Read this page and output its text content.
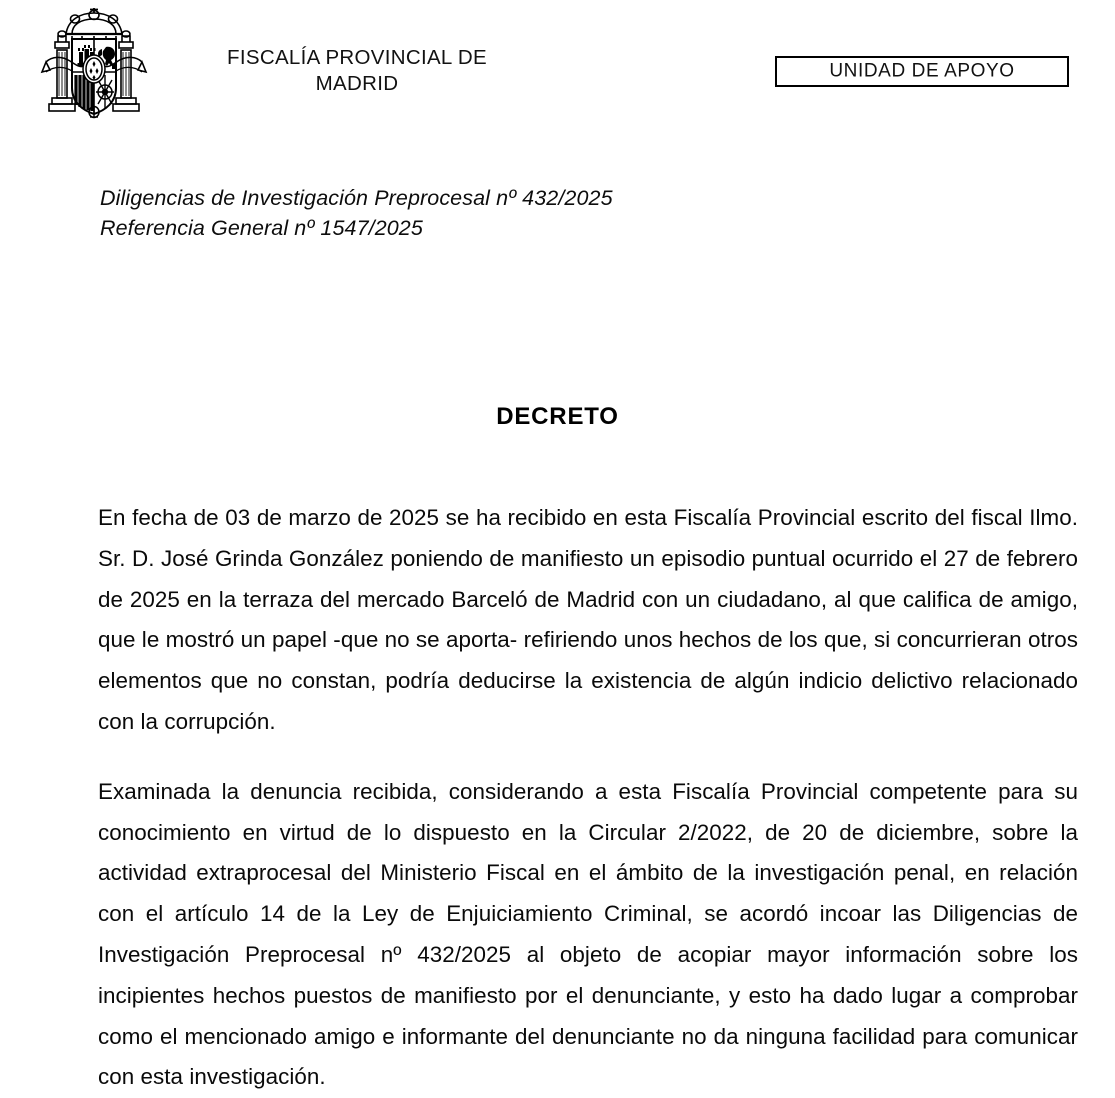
FISCALÍA PROVINCIAL DE
MADRID
UNIDAD DE APOYO
Diligencias de Investigación Preprocesal nº 432/2025
Referencia General nº 1547/2025
DECRETO

En fecha de 03 de marzo de 2025 se ha recibido en esta Fiscalía Provincial escrito del fiscal Ilmo. Sr. D. José Grinda González poniendo de manifiesto un episodio puntual ocurrido el 27 de febrero de 2025 en la terraza del mercado Barceló de Madrid con un ciudadano, al que califica de amigo, que le mostró un papel -que no se aporta- refiriendo unos hechos de los que, si concurrieran otros elementos que no constan, podría deducirse la existencia de algún indicio delictivo relacionado con la corrupción.

Examinada la denuncia recibida, considerando a esta Fiscalía Provincial competente para su conocimiento en virtud de lo dispuesto en la Circular 2/2022, de 20 de diciembre, sobre la actividad extraprocesal del Ministerio Fiscal en el ámbito de la investigación penal, en relación con el artículo 14 de la Ley de Enjuiciamiento Criminal, se acordó incoar las Diligencias de Investigación Preprocesal nº 432/2025 al objeto de acopiar mayor información sobre los incipientes hechos puestos de manifiesto por el denunciante, y esto ha dado lugar a comprobar como el mencionado amigo e informante del denunciante no da ninguna facilidad para comunicar con esta investigación.
